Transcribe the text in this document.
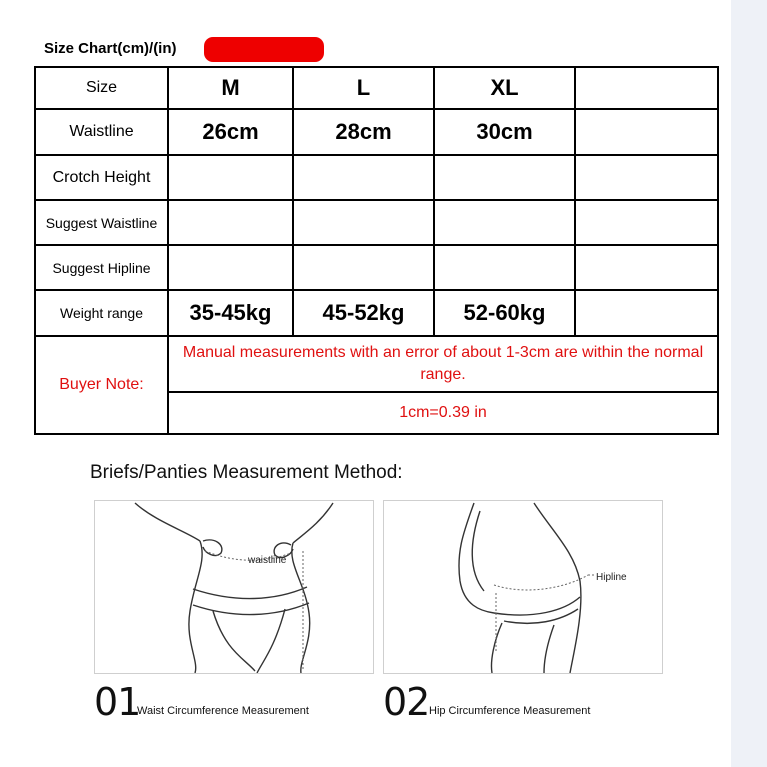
Size Chart(cm)/(in)
Size	M	L	XL	
Waistline	26cm	28cm	30cm	
Crotch Height				
Suggest Waistline				
Suggest Hipline				
Weight range	35-45kg	45-52kg	52-60kg	
Buyer Note:	Manual measurements with an error of about 1-3cm are within the normal range.			
	1cm=0.39 in			
Briefs/Panties Measurement Method:
waistline
Hipline
01
Waist Circumference Measurement 02 Hip Circumference Measurement
